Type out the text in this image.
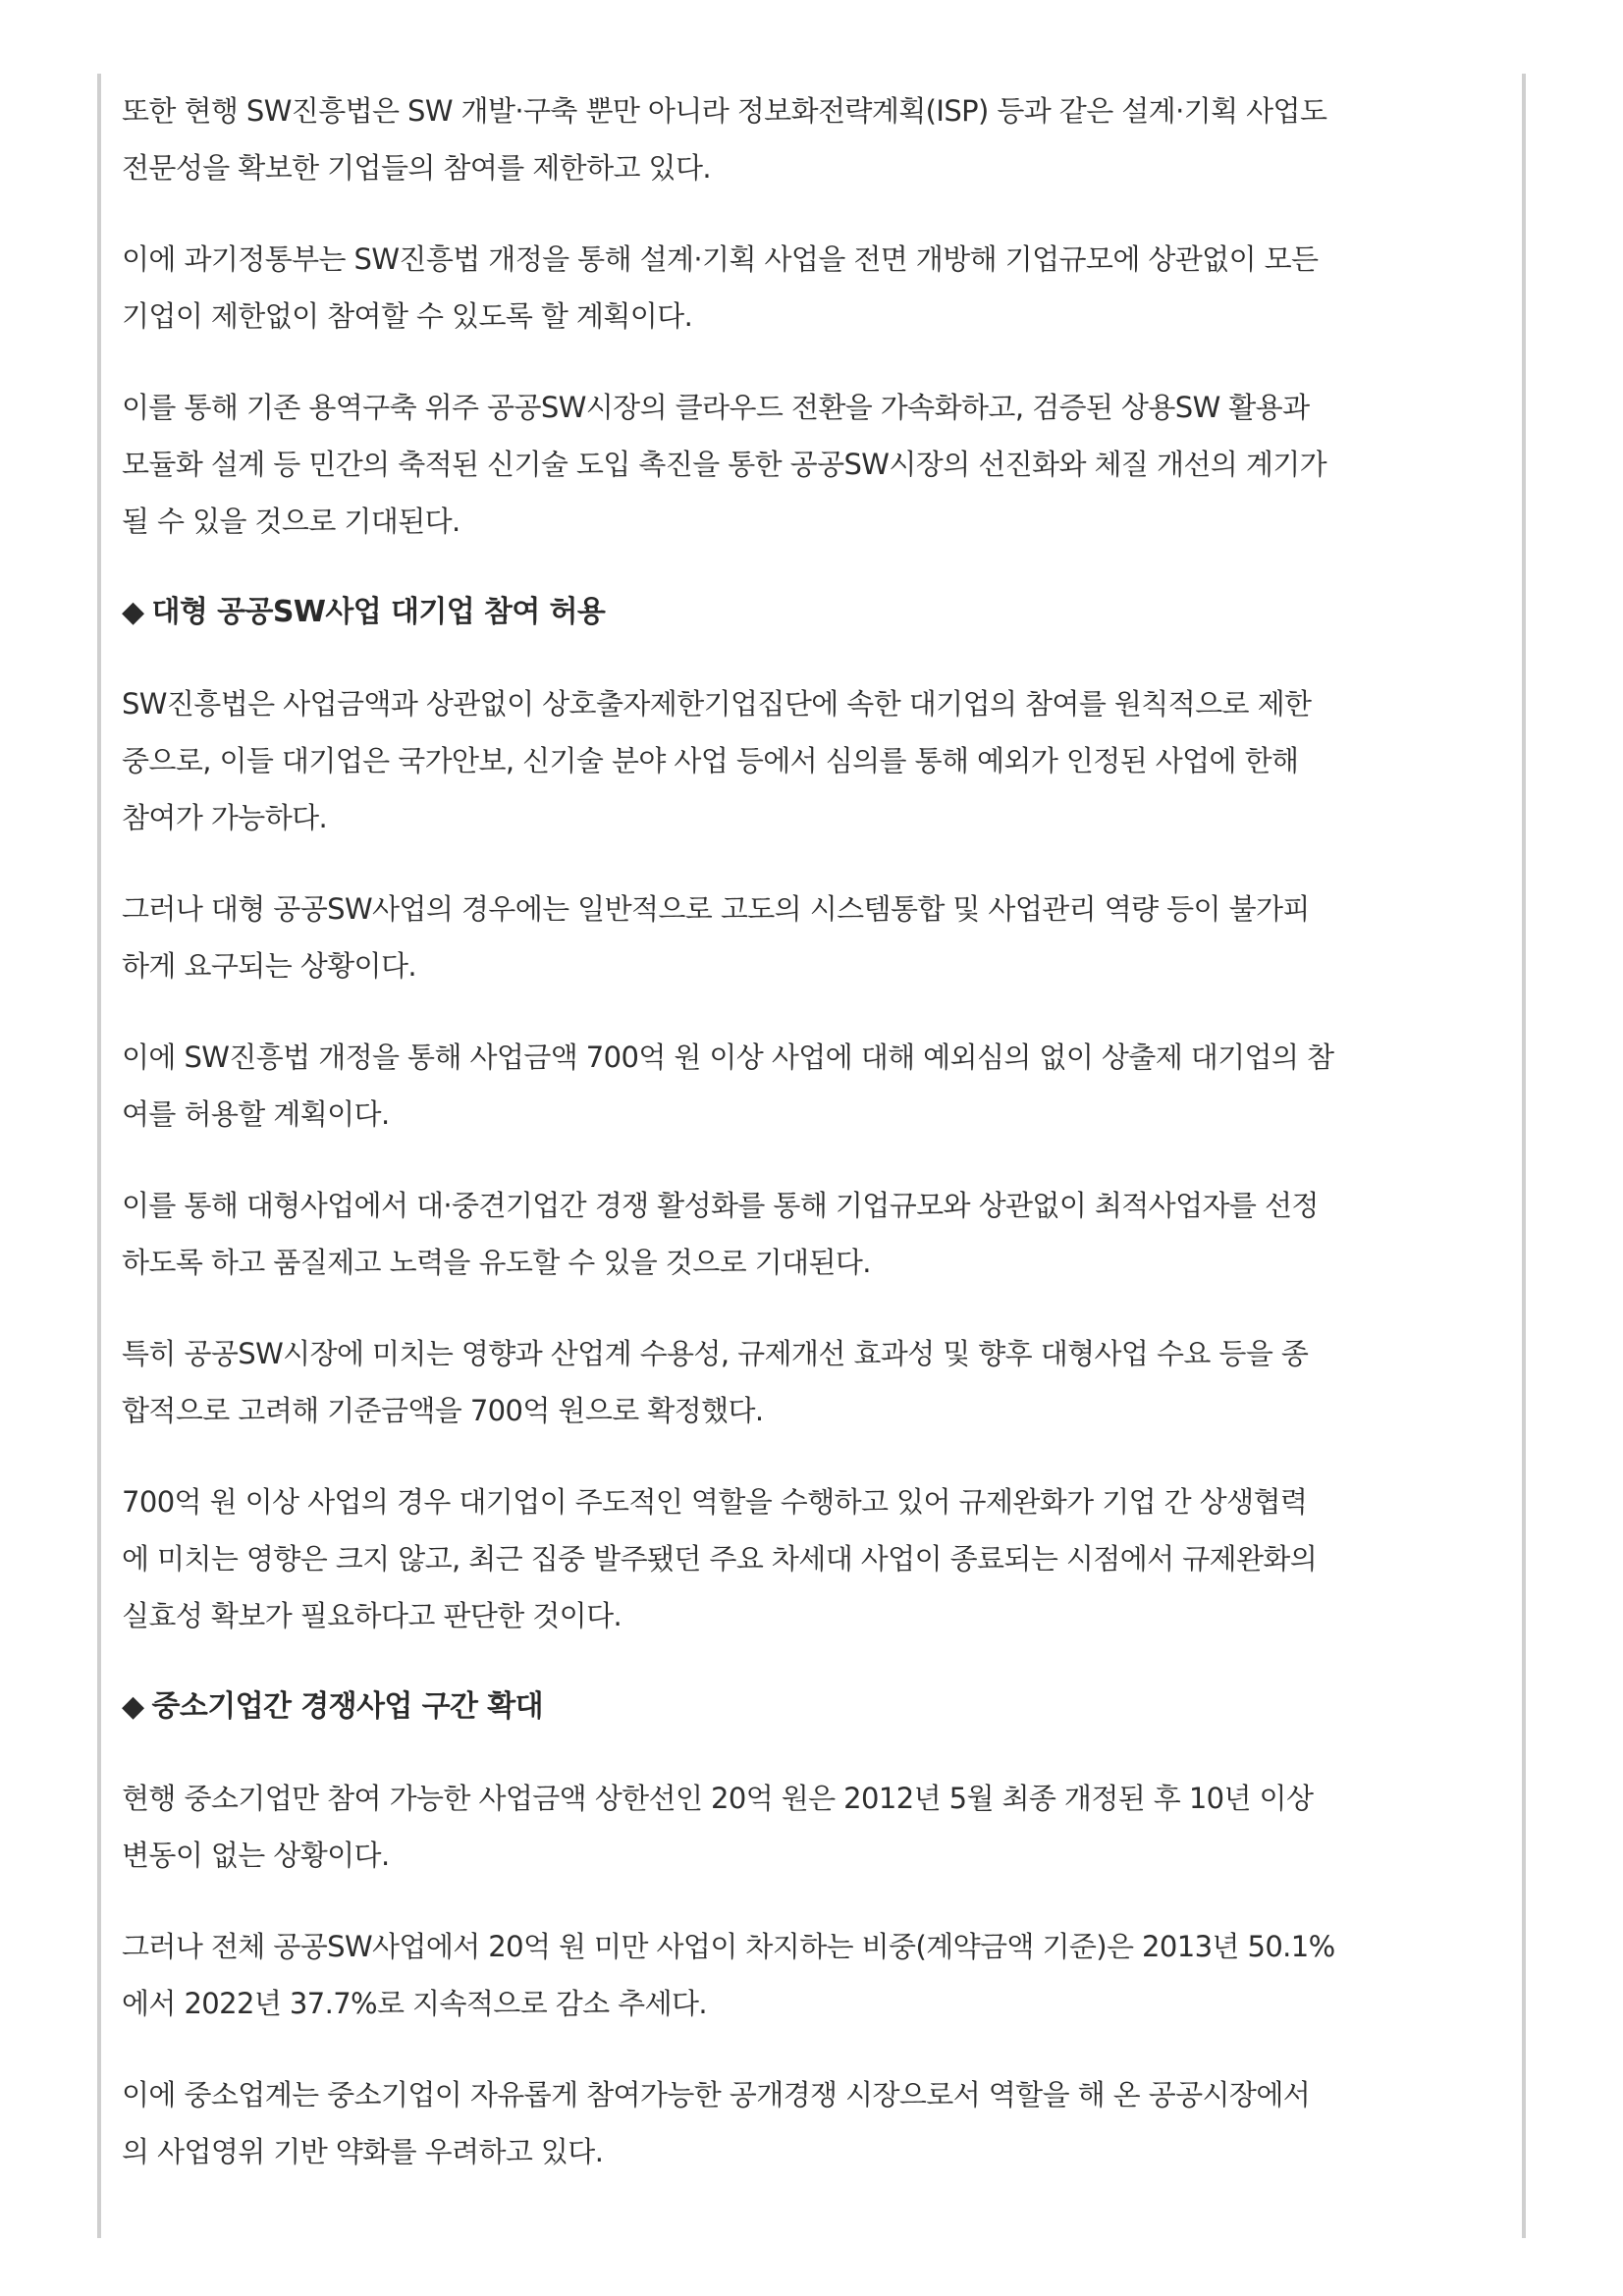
또한 현행 SW진흥법은 SW 개발·구축 뿐만 아니라 정보화전략계획(ISP) 등과 같은 설계·기획 사업도
전문성을 확보한 기업들의 참여를 제한하고 있다.

이에 과기정통부는 SW진흥법 개정을 통해 설계·기획 사업을 전면 개방해 기업규모에 상관없이 모든
기업이 제한없이 참여할 수 있도록 할 계획이다.

이를 통해 기존 용역구축 위주 공공SW시장의 클라우드 전환을 가속화하고, 검증된 상용SW 활용과
모듈화 설계 등 민간의 축적된 신기술 도입 촉진을 통한 공공SW시장의 선진화와 체질 개선의 계기가
될 수 있을 것으로 기대된다.

◆ 대형 공공SW사업 대기업 참여 허용

SW진흥법은 사업금액과 상관없이 상호출자제한기업집단에 속한 대기업의 참여를 원칙적으로 제한
중으로, 이들 대기업은 국가안보, 신기술 분야 사업 등에서 심의를 통해 예외가 인정된 사업에 한해
참여가 가능하다.

그러나 대형 공공SW사업의 경우에는 일반적으로 고도의 시스템통합 및 사업관리 역량 등이 불가피
하게 요구되는 상황이다.

이에 SW진흥법 개정을 통해 사업금액 700억 원 이상 사업에 대해 예외심의 없이 상출제 대기업의 참
여를 허용할 계획이다.

이를 통해 대형사업에서 대·중견기업간 경쟁 활성화를 통해 기업규모와 상관없이 최적사업자를 선정
하도록 하고 품질제고 노력을 유도할 수 있을 것으로 기대된다.

특히 공공SW시장에 미치는 영향과 산업계 수용성, 규제개선 효과성 및 향후 대형사업 수요 등을 종
합적으로 고려해 기준금액을 700억 원으로 확정했다.

700억 원 이상 사업의 경우 대기업이 주도적인 역할을 수행하고 있어 규제완화가 기업 간 상생협력
에 미치는 영향은 크지 않고, 최근 집중 발주됐던 주요 차세대 사업이 종료되는 시점에서 규제완화의
실효성 확보가 필요하다고 판단한 것이다.

◆ 중소기업간 경쟁사업 구간 확대

현행 중소기업만 참여 가능한 사업금액 상한선인 20억 원은 2012년 5월 최종 개정된 후 10년 이상
변동이 없는 상황이다.

그러나 전체 공공SW사업에서 20억 원 미만 사업이 차지하는 비중(계약금액 기준)은 2013년 50.1%
에서 2022년 37.7%로 지속적으로 감소 추세다.

이에 중소업계는 중소기업이 자유롭게 참여가능한 공개경쟁 시장으로서 역할을 해 온 공공시장에서
의 사업영위 기반 약화를 우려하고 있다.
